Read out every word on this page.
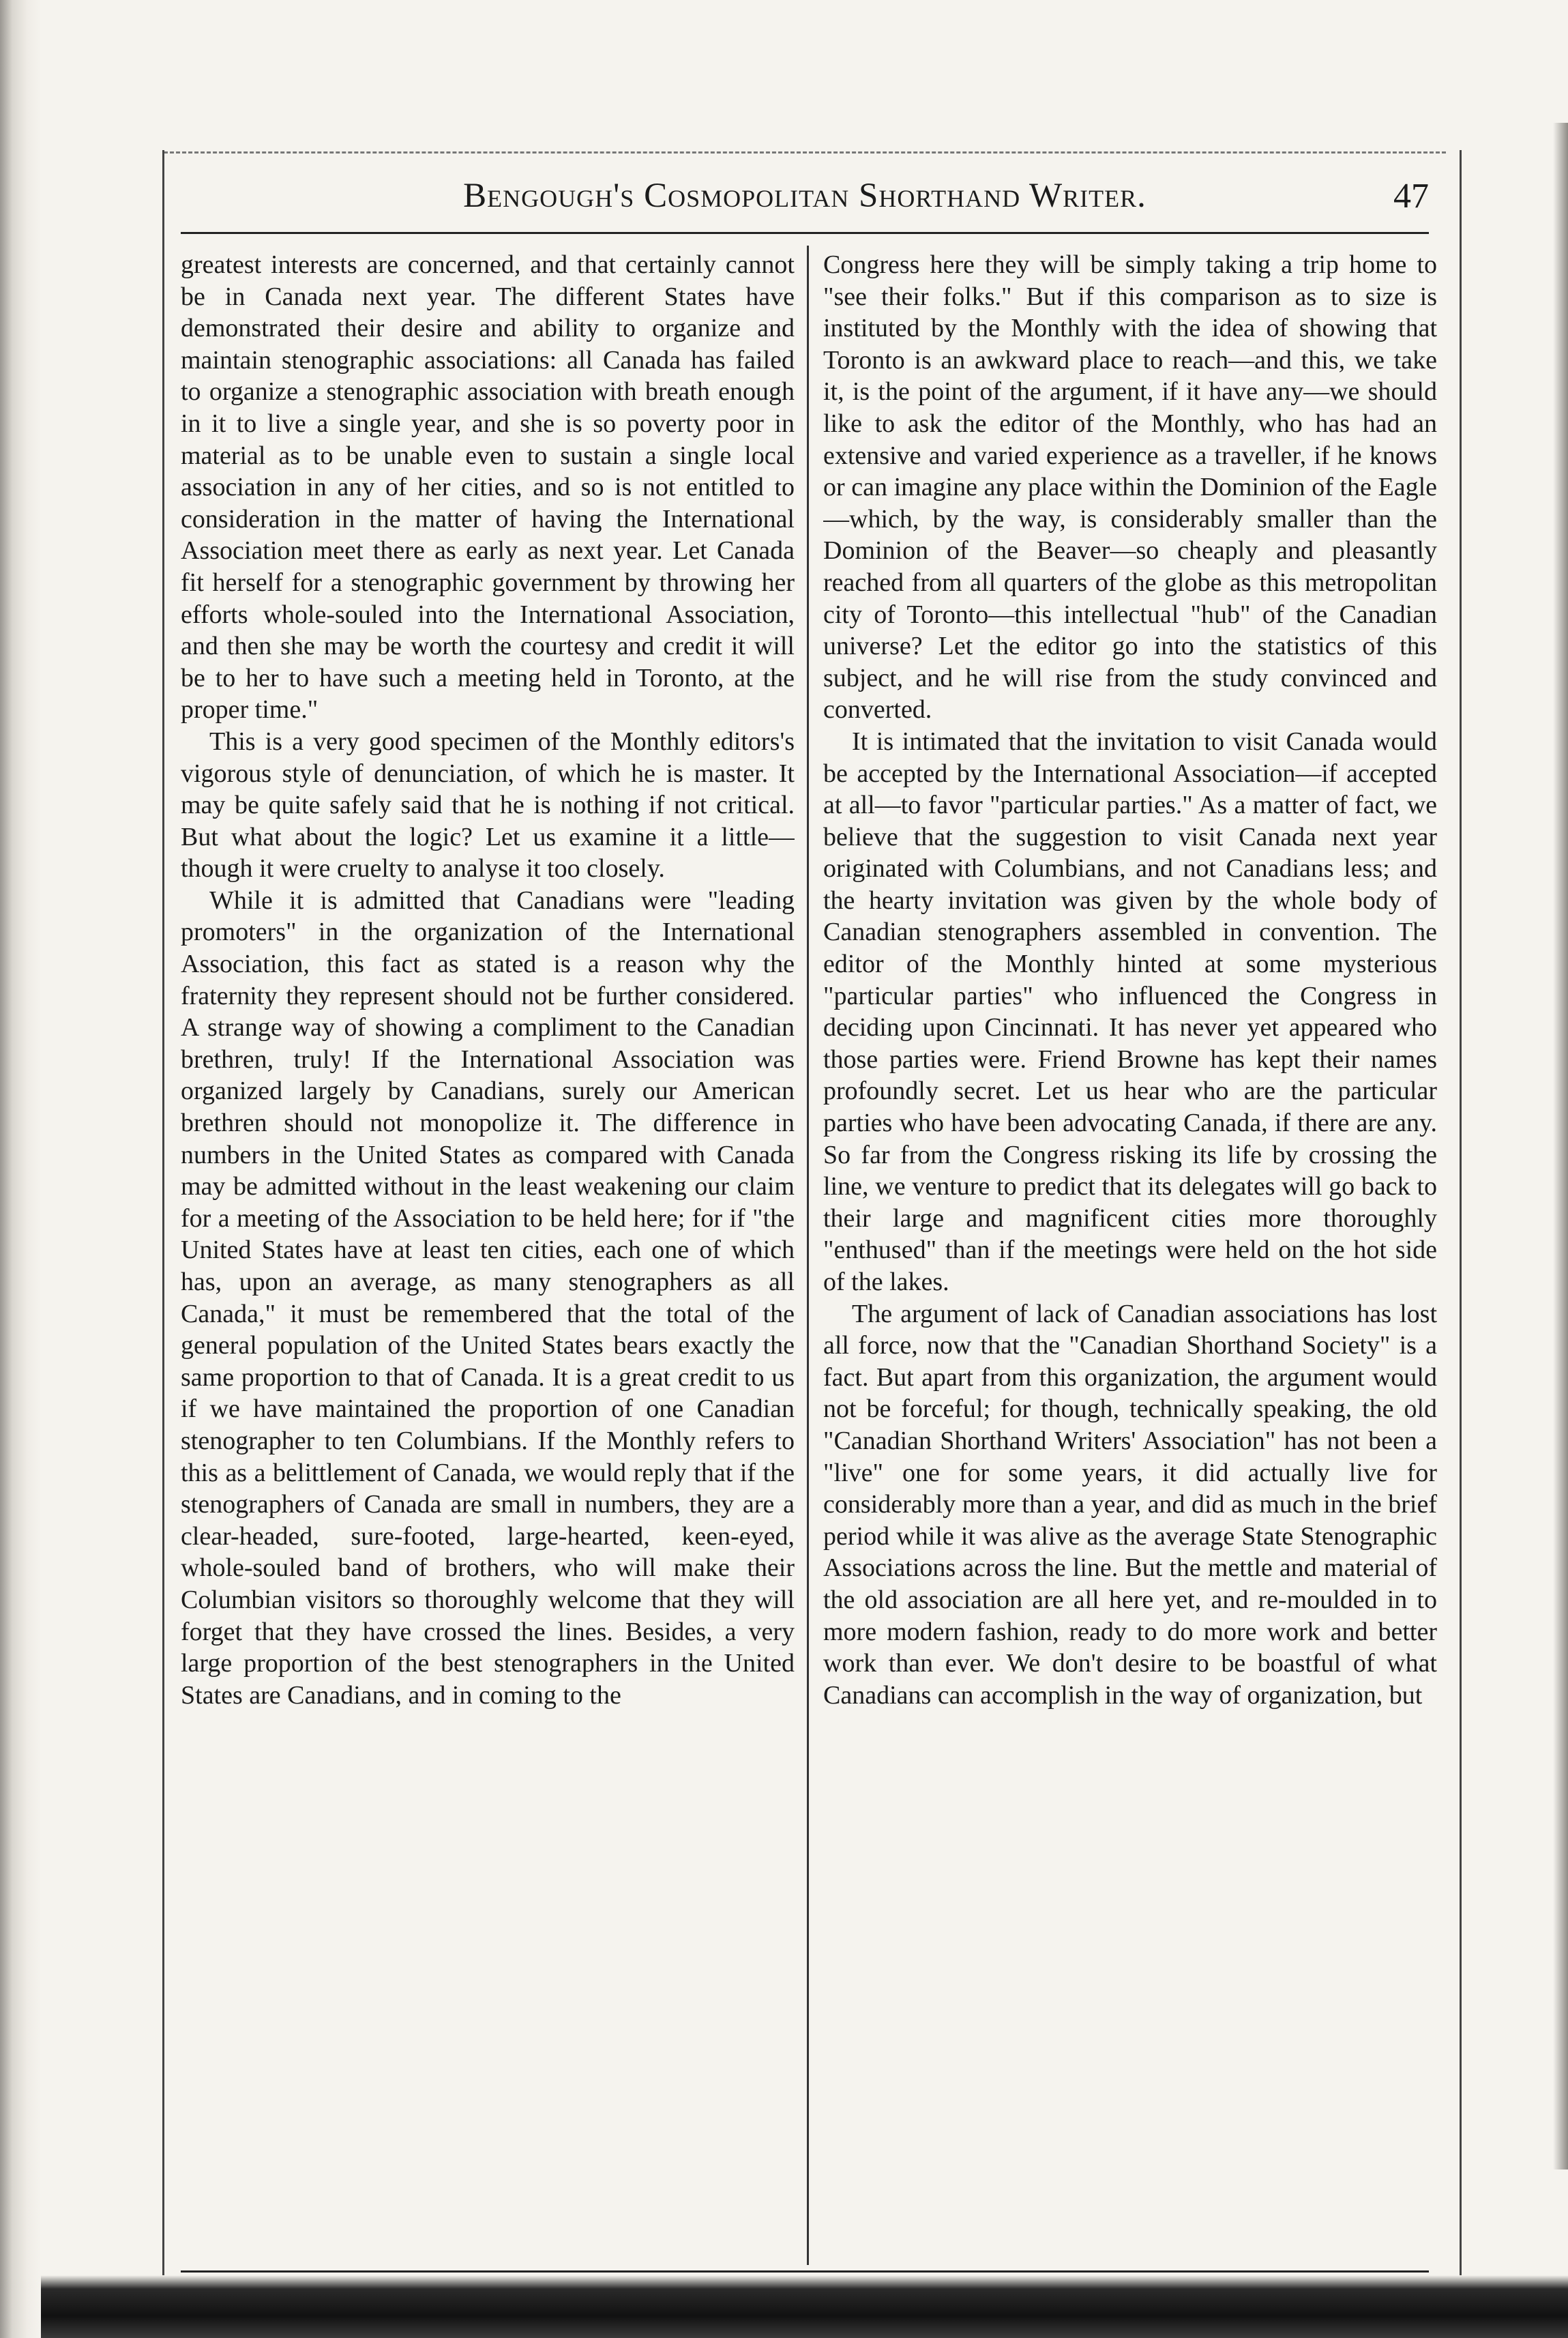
Bengough's Cosmopolitan Shorthand Writer.	47

greatest interests are concerned, and that certainly cannot be in Canada next year. The different States have demonstrated their desire and ability to organize and maintain stenographic associations: all Canada has failed to organize a stenographic association with breath enough in it to live a single year, and she is so poverty poor in material as to be unable even to sustain a single local association in any of her cities, and so is not entitled to consideration in the matter of having the International Association meet there as early as next year. Let Canada fit herself for a stenographic government by throwing her efforts whole-souled into the International Association, and then she may be worth the courtesy and credit it will be to her to have such a meeting held in Toronto, at the proper time."

This is a very good specimen of the Monthly editors's vigorous style of denunciation, of which he is master. It may be quite safely said that he is nothing if not critical. But what about the logic? Let us examine it a little—though it were cruelty to analyse it too closely.

While it is admitted that Canadians were "leading promoters" in the organization of the International Association, this fact as stated is a reason why the fraternity they represent should not be further considered. A strange way of showing a compliment to the Canadian brethren, truly! If the International Association was organized largely by Canadians, surely our American brethren should not monopolize it. The difference in numbers in the United States as compared with Canada may be admitted without in the least weakening our claim for a meeting of the Association to be held here; for if "the United States have at least ten cities, each one of which has, upon an average, as many stenographers as all Canada," it must be remembered that the total of the general population of the United States bears exactly the same proportion to that of Canada. It is a great credit to us if we have maintained the proportion of one Canadian stenographer to ten Columbians. If the Monthly refers to this as a belittlement of Canada, we would reply that if the stenographers of Canada are small in numbers, they are a clear-headed, sure-footed, large-hearted, keen-eyed, whole-souled band of brothers, who will make their Columbian visitors so thoroughly welcome that they will forget that they have crossed the lines. Besides, a very large proportion of the best stenographers in the United States are Canadians, and in coming to the

Congress here they will be simply taking a trip home to "see their folks." But if this comparison as to size is instituted by the Monthly with the idea of showing that Toronto is an awkward place to reach—and this, we take it, is the point of the argument, if it have any—we should like to ask the editor of the Monthly, who has had an extensive and varied experience as a traveller, if he knows or can imagine any place within the Dominion of the Eagle—which, by the way, is considerably smaller than the Dominion of the Beaver—so cheaply and pleasantly reached from all quarters of the globe as this metropolitan city of Toronto—this intellectual "hub" of the Canadian universe? Let the editor go into the statistics of this subject, and he will rise from the study convinced and converted.

It is intimated that the invitation to visit Canada would be accepted by the International Association—if accepted at all—to favor "particular parties." As a matter of fact, we believe that the suggestion to visit Canada next year originated with Columbians, and not Canadians less; and the hearty invitation was given by the whole body of Canadian stenographers assembled in convention. The editor of the Monthly hinted at some mysterious "particular parties" who influenced the Congress in deciding upon Cincinnati. It has never yet appeared who those parties were. Friend Browne has kept their names profoundly secret. Let us hear who are the particular parties who have been advocating Canada, if there are any. So far from the Congress risking its life by crossing the line, we venture to predict that its delegates will go back to their large and magnificent cities more thoroughly "enthused" than if the meetings were held on the hot side of the lakes.

The argument of lack of Canadian associations has lost all force, now that the "Canadian Shorthand Society" is a fact. But apart from this organization, the argument would not be forceful; for though, technically speaking, the old "Canadian Shorthand Writers' Association" has not been a "live" one for some years, it did actually live for considerably more than a year, and did as much in the brief period while it was alive as the average State Stenographic Associations across the line. But the mettle and material of the old association are all here yet, and re-moulded in to more modern fashion, ready to do more work and better work than ever. We don't desire to be boastful of what Canadians can accomplish in the way of organization, but
